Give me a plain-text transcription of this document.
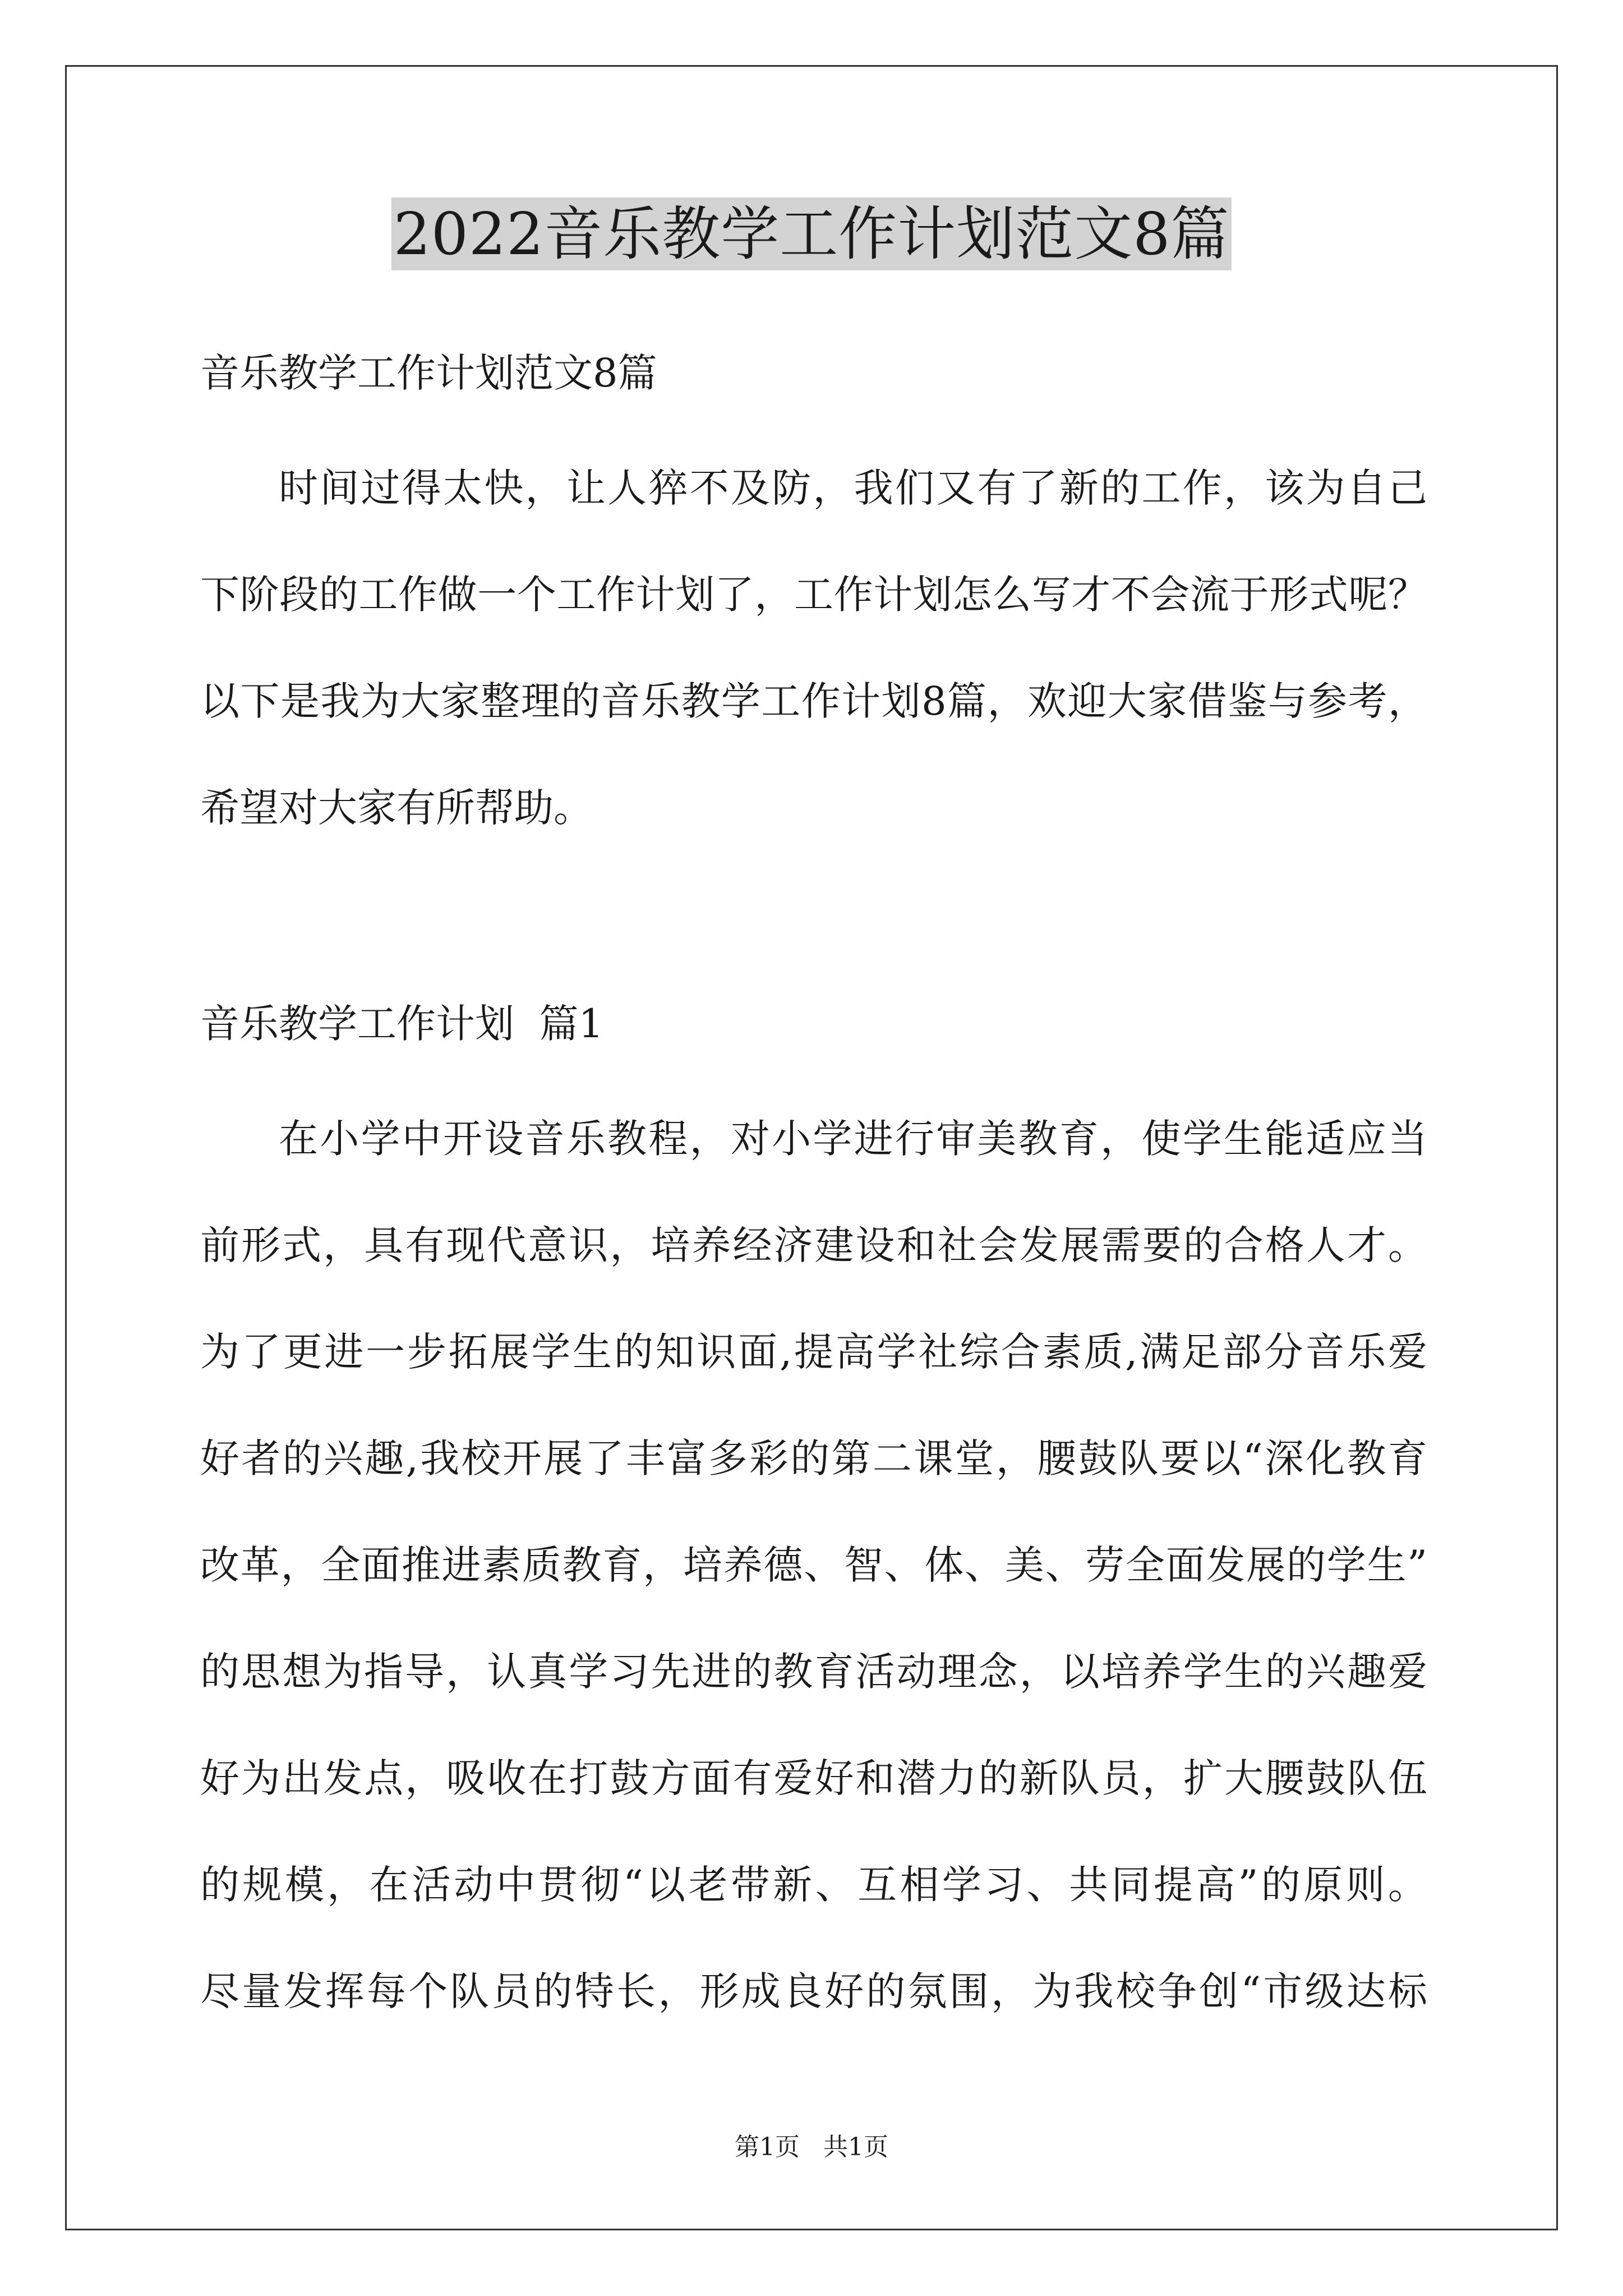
2022音乐教学工作计划范文8篇
音乐教学工作计划范文8篇
时间过得太快，让人猝不及防，我们又有了新的工作，该为自己
下阶段的工作做一个工作计划了，工作计划怎么写才不会流于形式呢？
以下是我为大家整理的音乐教学工作计划8篇，欢迎大家借鉴与参考，
希望对大家有所帮助。
音乐教学工作计划  篇1
在小学中开设音乐教程，对小学进行审美教育，使学生能适应当
前形式，具有现代意识，培养经济建设和社会发展需要的合格人才。
为了更进一步拓展学生的知识面,提高学社综合素质,满足部分音乐爱
好者的兴趣,我校开展了丰富多彩的第二课堂，腰鼓队要以“深化教育
改革，全面推进素质教育，培养德、智、体、美、劳全面发展的学生”
的思想为指导，认真学习先进的教育活动理念，以培养学生的兴趣爱
好为出发点，吸收在打鼓方面有爱好和潜力的新队员，扩大腰鼓队伍
的规模，在活动中贯彻“以老带新、互相学习、共同提高”的原则。
尽量发挥每个队员的特长，形成良好的氛围，为我校争创“市级达标
第1页   共1页
